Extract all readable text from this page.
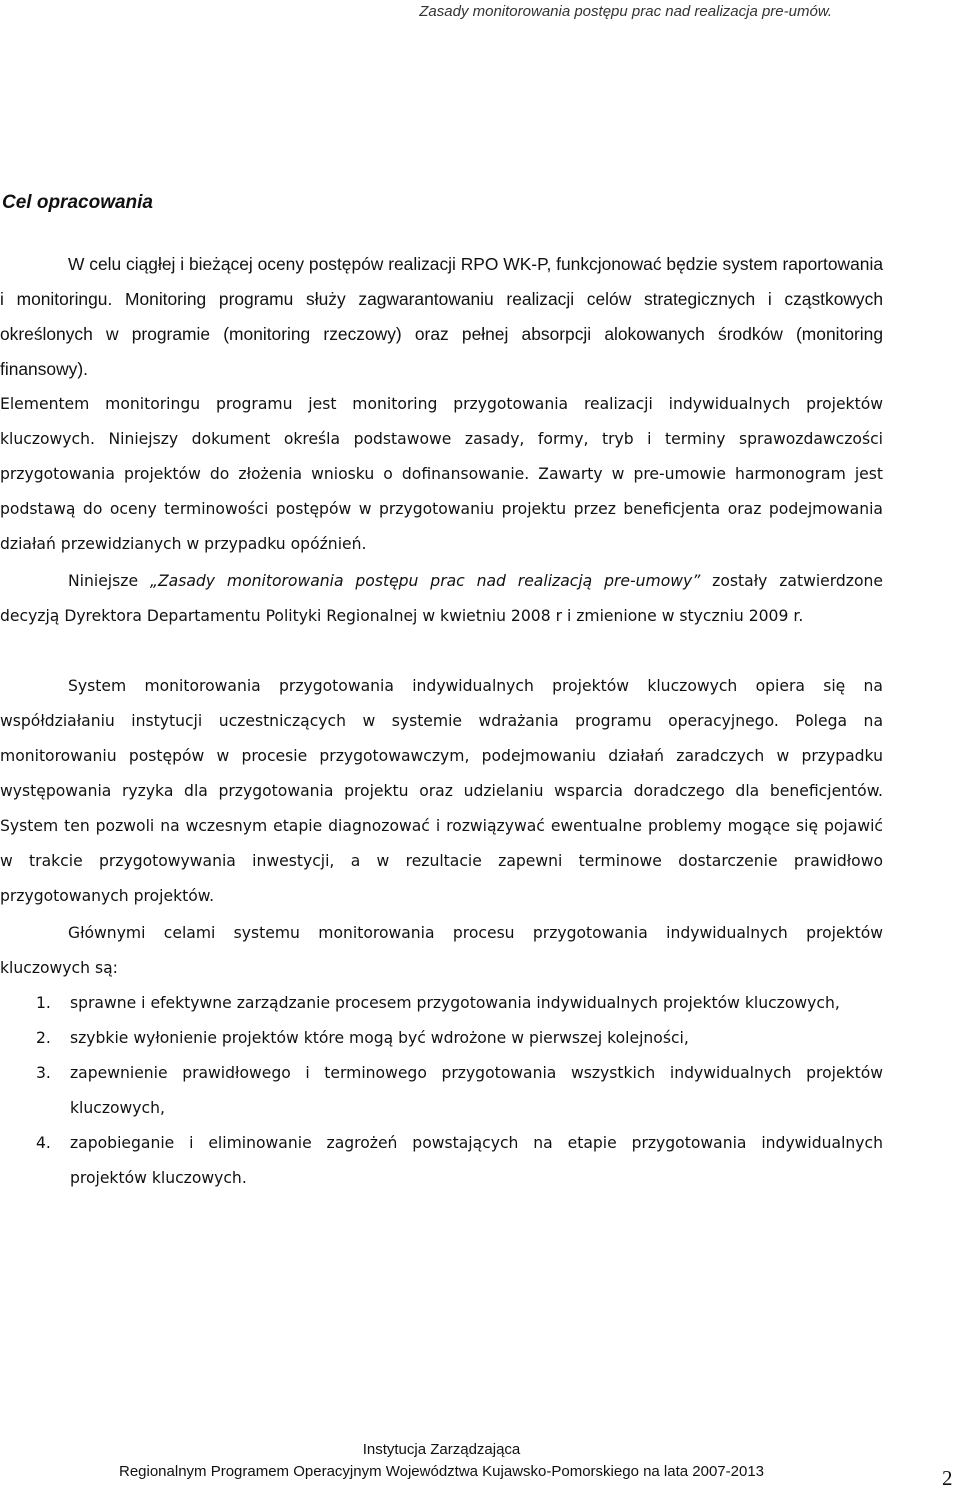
Zasady monitorowania postępu prac nad realizacja pre-umów.
Cel opracowania

W celu ciągłej i bieżącej oceny postępów realizacji RPO WK-P, funkcjonować będzie system raportowania i monitoringu. Monitoring programu służy zagwarantowaniu realizacji celów strategicznych i cząstkowych określonych w programie (monitoring rzeczowy) oraz pełnej absorpcji alokowanych środków (monitoring finansowy).

Elementem monitoringu programu jest monitoring przygotowania realizacji indywidualnych projektów kluczowych. Niniejszy dokument określa podstawowe zasady, formy, tryb i terminy sprawozdawczości przygotowania projektów do złożenia wniosku o dofinansowanie. Zawarty w pre-umowie harmonogram jest podstawą do oceny terminowości postępów w przygotowaniu projektu przez beneficjenta oraz podejmowania działań przewidzianych w przypadku opóźnień.

Niniejsze „Zasady monitorowania postępu prac nad realizacją pre-umowy” zostały zatwierdzone decyzją Dyrektora Departamentu Polityki Regionalnej w kwietniu 2008 r i zmienione w styczniu 2009 r.

System monitorowania przygotowania indywidualnych projektów kluczowych opiera się na współdziałaniu instytucji uczestniczących w systemie wdrażania programu operacyjnego. Polega na monitorowaniu postępów w procesie przygotowawczym, podejmowaniu działań zaradczych w przypadku występowania ryzyka dla przygotowania projektu oraz udzielaniu wsparcia doradczego dla beneficjentów. System ten pozwoli na wczesnym etapie diagnozować i rozwiązywać ewentualne problemy mogące się pojawić w trakcie przygotowywania inwestycji, a w rezultacie zapewni terminowe dostarczenie prawidłowo przygotowanych projektów.

Głównymi celami systemu monitorowania procesu przygotowania indywidualnych projektów kluczowych są:

1. sprawne i efektywne zarządzanie procesem przygotowania indywidualnych projektów kluczowych,
2. szybkie wyłonienie projektów które mogą być wdrożone w pierwszej kolejności,
3. zapewnienie prawidłowego i terminowego przygotowania wszystkich indywidualnych projektów kluczowych,
4. zapobieganie i eliminowanie zagrożeń powstających na etapie przygotowania indywidualnych projektów kluczowych.
Instytucja Zarządzająca
Regionalnym Programem Operacyjnym Województwa Kujawsko-Pomorskiego na lata 2007-2013	2
